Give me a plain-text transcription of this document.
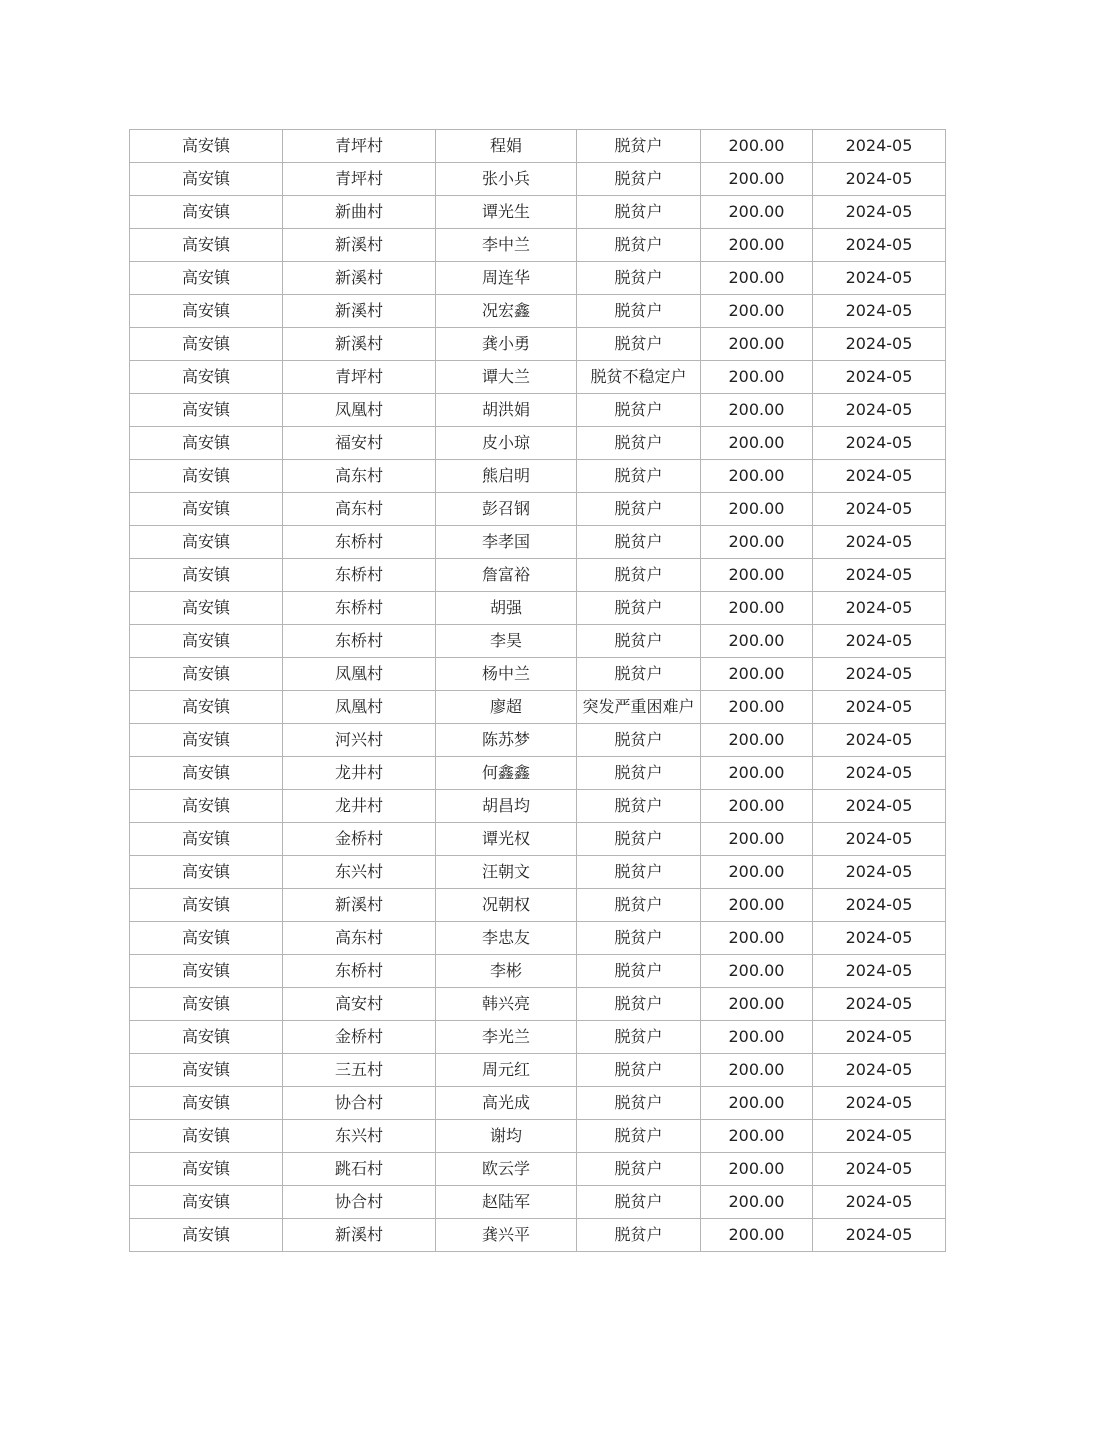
高安镇	青坪村	程娟	脱贫户	200.00	2024-05
高安镇	青坪村	张小兵	脱贫户	200.00	2024-05
高安镇	新曲村	谭光生	脱贫户	200.00	2024-05
高安镇	新溪村	李中兰	脱贫户	200.00	2024-05
高安镇	新溪村	周连华	脱贫户	200.00	2024-05
高安镇	新溪村	况宏鑫	脱贫户	200.00	2024-05
高安镇	新溪村	龚小勇	脱贫户	200.00	2024-05
高安镇	青坪村	谭大兰	脱贫不稳定户	200.00	2024-05
高安镇	凤凰村	胡洪娟	脱贫户	200.00	2024-05
高安镇	福安村	皮小琼	脱贫户	200.00	2024-05
高安镇	高东村	熊启明	脱贫户	200.00	2024-05
高安镇	高东村	彭召钢	脱贫户	200.00	2024-05
高安镇	东桥村	李孝国	脱贫户	200.00	2024-05
高安镇	东桥村	詹富裕	脱贫户	200.00	2024-05
高安镇	东桥村	胡强	脱贫户	200.00	2024-05
高安镇	东桥村	李昊	脱贫户	200.00	2024-05
高安镇	凤凰村	杨中兰	脱贫户	200.00	2024-05
高安镇	凤凰村	廖超	突发严重困难户	200.00	2024-05
高安镇	河兴村	陈苏梦	脱贫户	200.00	2024-05
高安镇	龙井村	何鑫鑫	脱贫户	200.00	2024-05
高安镇	龙井村	胡昌均	脱贫户	200.00	2024-05
高安镇	金桥村	谭光权	脱贫户	200.00	2024-05
高安镇	东兴村	汪朝文	脱贫户	200.00	2024-05
高安镇	新溪村	况朝权	脱贫户	200.00	2024-05
高安镇	高东村	李忠友	脱贫户	200.00	2024-05
高安镇	东桥村	李彬	脱贫户	200.00	2024-05
高安镇	高安村	韩兴亮	脱贫户	200.00	2024-05
高安镇	金桥村	李光兰	脱贫户	200.00	2024-05
高安镇	三五村	周元红	脱贫户	200.00	2024-05
高安镇	协合村	高光成	脱贫户	200.00	2024-05
高安镇	东兴村	谢均	脱贫户	200.00	2024-05
高安镇	跳石村	欧云学	脱贫户	200.00	2024-05
高安镇	协合村	赵陆军	脱贫户	200.00	2024-05
高安镇	新溪村	龚兴平	脱贫户	200.00	2024-05
